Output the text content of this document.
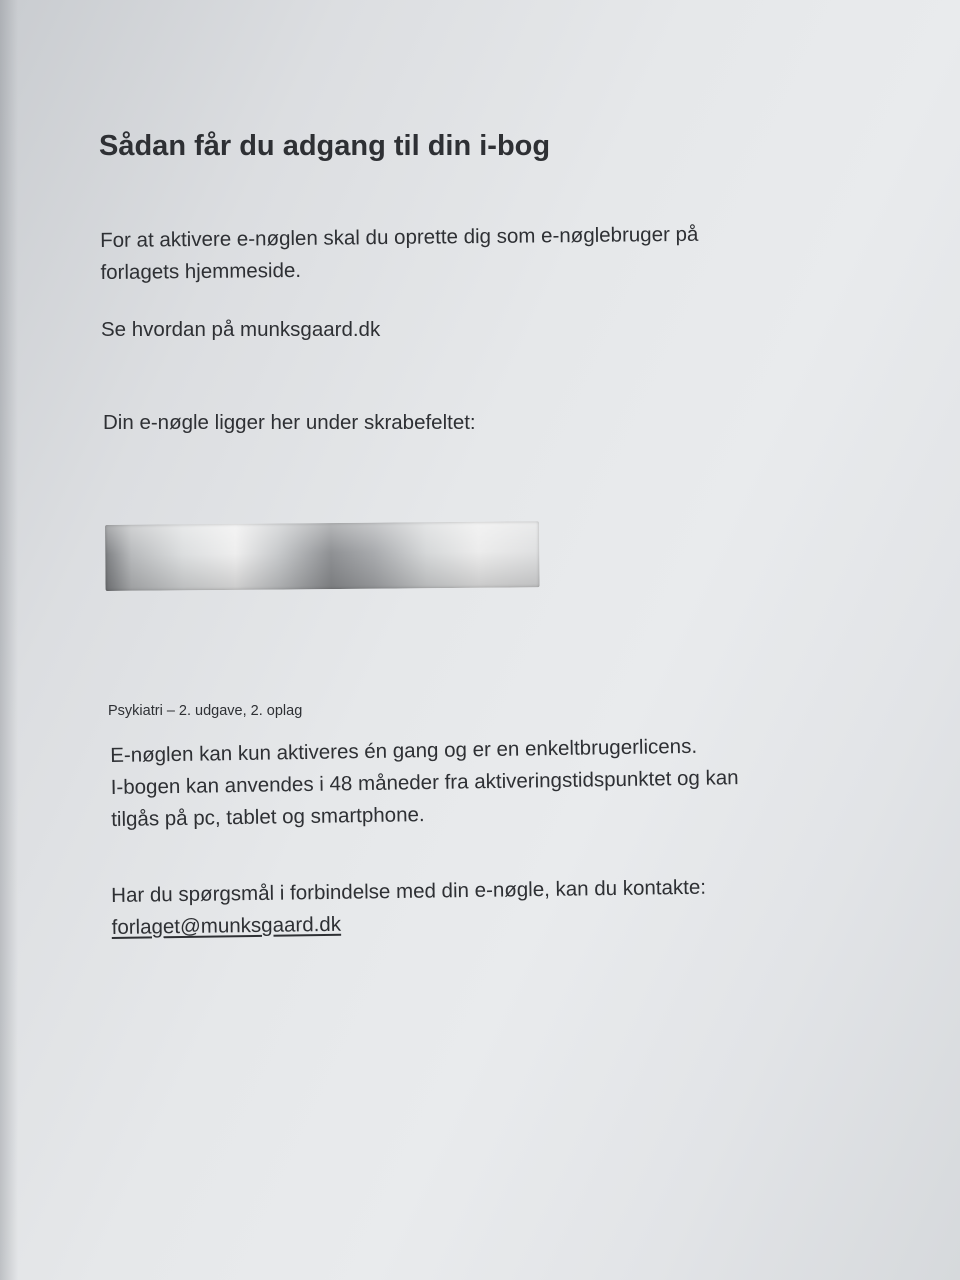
Sådan får du adgang til din i-bog
For at aktivere e-nøglen skal du oprette dig som e-nøglebruger på
forlagets hjemmeside.
Se hvordan på munksgaard.dk
Din e-nøgle ligger her under skrabefeltet:
Psykiatri – 2. udgave, 2. oplag
E-nøglen kan kun aktiveres én gang og er en enkeltbrugerlicens.
I-bogen kan anvendes i 48 måneder fra aktiveringstidspunktet og kan
tilgås på pc, tablet og smartphone.
Har du spørgsmål i forbindelse med din e-nøgle, kan du kontakte:
forlaget@munksgaard.dk
